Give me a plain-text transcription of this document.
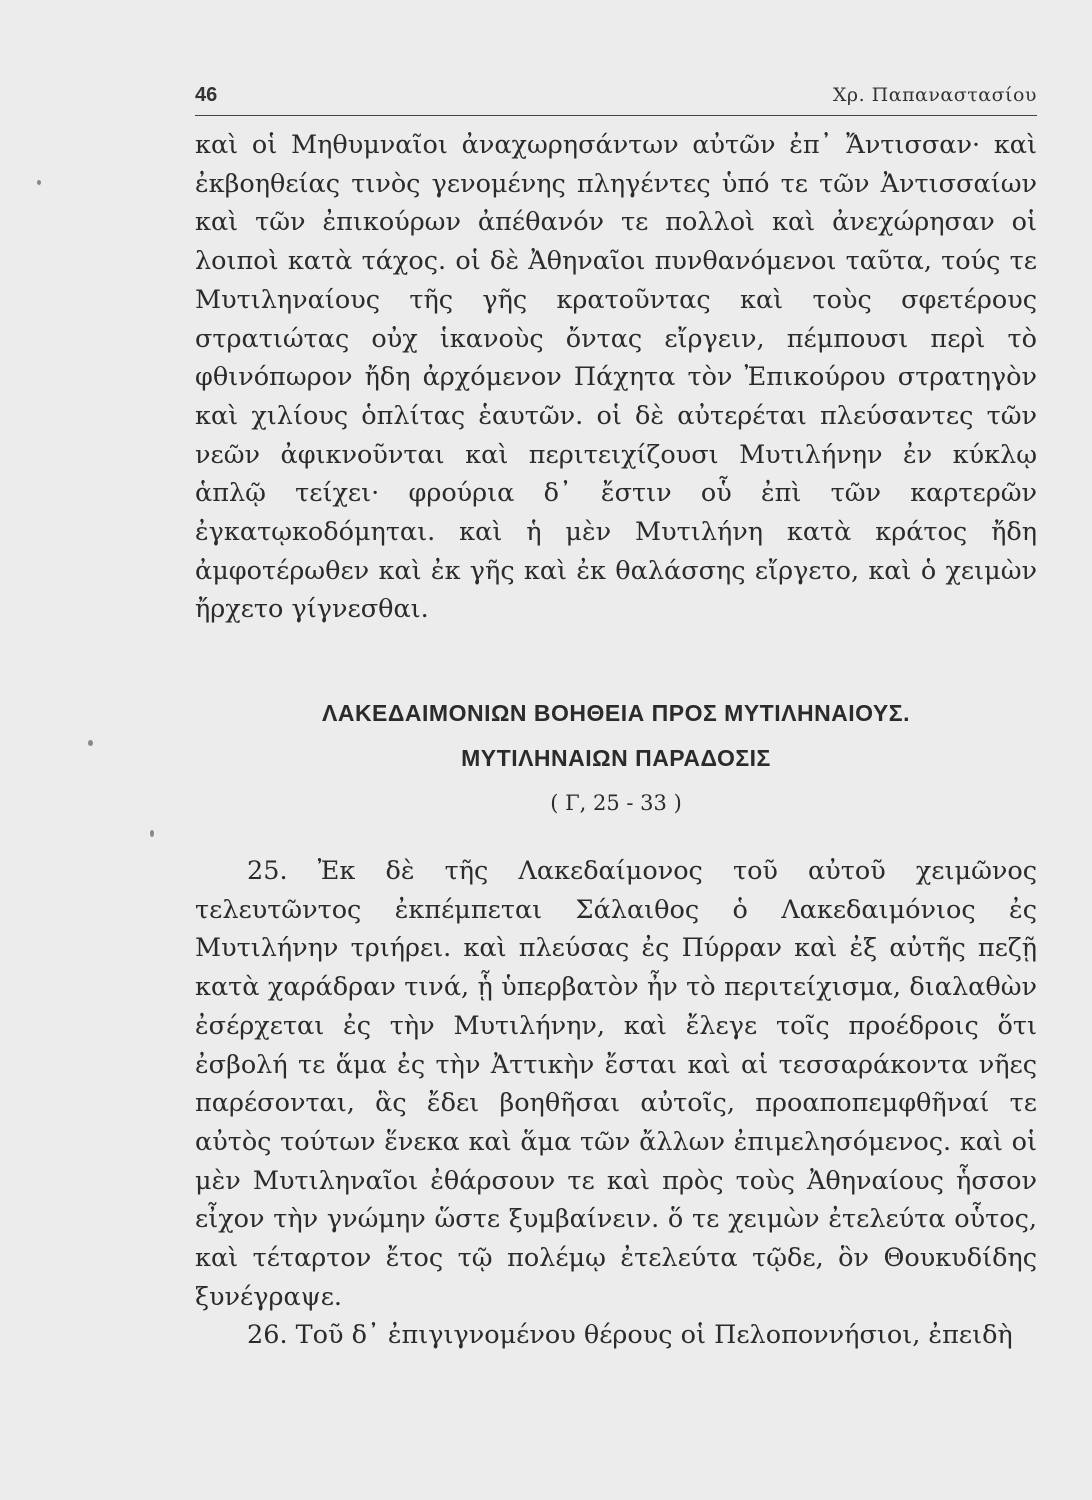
46	Χρ. Παπαναστασίου

καὶ οἱ Μηθυμναῖοι ἀναχωρησάντων αὐτῶν ἐπ᾽ Ἄντισσαν· καὶ ἐκβοηθείας τινὸς γενομένης πληγέντες ὑπό τε τῶν Ἀντισσαίων καὶ τῶν ἐπικούρων ἀπέθανόν τε πολλοὶ καὶ ἀνεχώρησαν οἱ λοιποὶ κατὰ τάχος. οἱ δὲ Ἀθηναῖοι πυνθανόμενοι ταῦτα, τούς τε Μυτιληναίους τῆς γῆς κρατοῦντας καὶ τοὺς σφετέρους στρατιώτας οὐχ ἱκανοὺς ὄντας εἴργειν, πέμπουσι περὶ τὸ φθινόπωρον ἤδη ἀρχόμενον Πάχητα τὸν Ἐπικούρου στρατηγὸν καὶ χιλίους ὁπλίτας ἑαυτῶν. οἱ δὲ αὐτερέται πλεύσαντες τῶν νεῶν ἀφικνοῦνται καὶ περιτειχίζουσι Μυτιλήνην ἐν κύκλῳ ἁπλῷ τείχει· φρούρια δ᾽ ἔστιν οὗ ἐπὶ τῶν καρτερῶν ἐγκατῳκοδόμηται. καὶ ἡ μὲν Μυτιλήνη κατὰ κράτος ἤδη ἀμφοτέρωθεν καὶ ἐκ γῆς καὶ ἐκ θαλάσσης εἴργετο, καὶ ὁ χειμὼν ἤρχετο γίγνεσθαι.

ΛΑΚΕΔΑΙΜΟΝΙΩΝ ΒΟΗΘΕΙΑ ΠΡΟΣ ΜΥΤΙΛΗΝΑΙΟΥΣ.
ΜΥΤΙΛΗΝΑΙΩΝ ΠΑΡΑΔΟΣΙΣ

( Γ, 25 - 33 )

25. Ἐκ δὲ τῆς Λακεδαίμονος τοῦ αὐτοῦ χειμῶνος τελευτῶντος ἐκπέμπεται Σάλαιθος ὁ Λακεδαιμόνιος ἐς Μυτιλήνην τριήρει. καὶ πλεύσας ἐς Πύρραν καὶ ἐξ αὐτῆς πεζῇ κατὰ χαράδραν τινά, ᾗ ὑπερβατὸν ἦν τὸ περιτείχισμα, διαλαθὼν ἐσέρχεται ἐς τὴν Μυτιλήνην, καὶ ἔλεγε τοῖς προέδροις ὅτι ἐσβολή τε ἅμα ἐς τὴν Ἀττικὴν ἔσται καὶ αἱ τεσσαράκοντα νῆες παρέσονται, ἃς ἔδει βοηθῆσαι αὐτοῖς, προαποπεμφθῆναί τε αὐτὸς τούτων ἕνεκα καὶ ἅμα τῶν ἄλλων ἐπιμελησόμενος. καὶ οἱ μὲν Μυτιληναῖοι ἐθάρσουν τε καὶ πρὸς τοὺς Ἀθηναίους ἧσσον εἶχον τὴν γνώμην ὥστε ξυμβαίνειν. ὅ τε χειμὼν ἐτελεύτα οὗτος, καὶ τέταρτον ἔτος τῷ πολέμῳ ἐτελεύτα τῷδε, ὃν Θουκυδίδης ξυνέγραψε.

26. Τοῦ δ᾽ ἐπιγιγνομένου θέρους οἱ Πελοποννήσιοι, ἐπειδὴ
